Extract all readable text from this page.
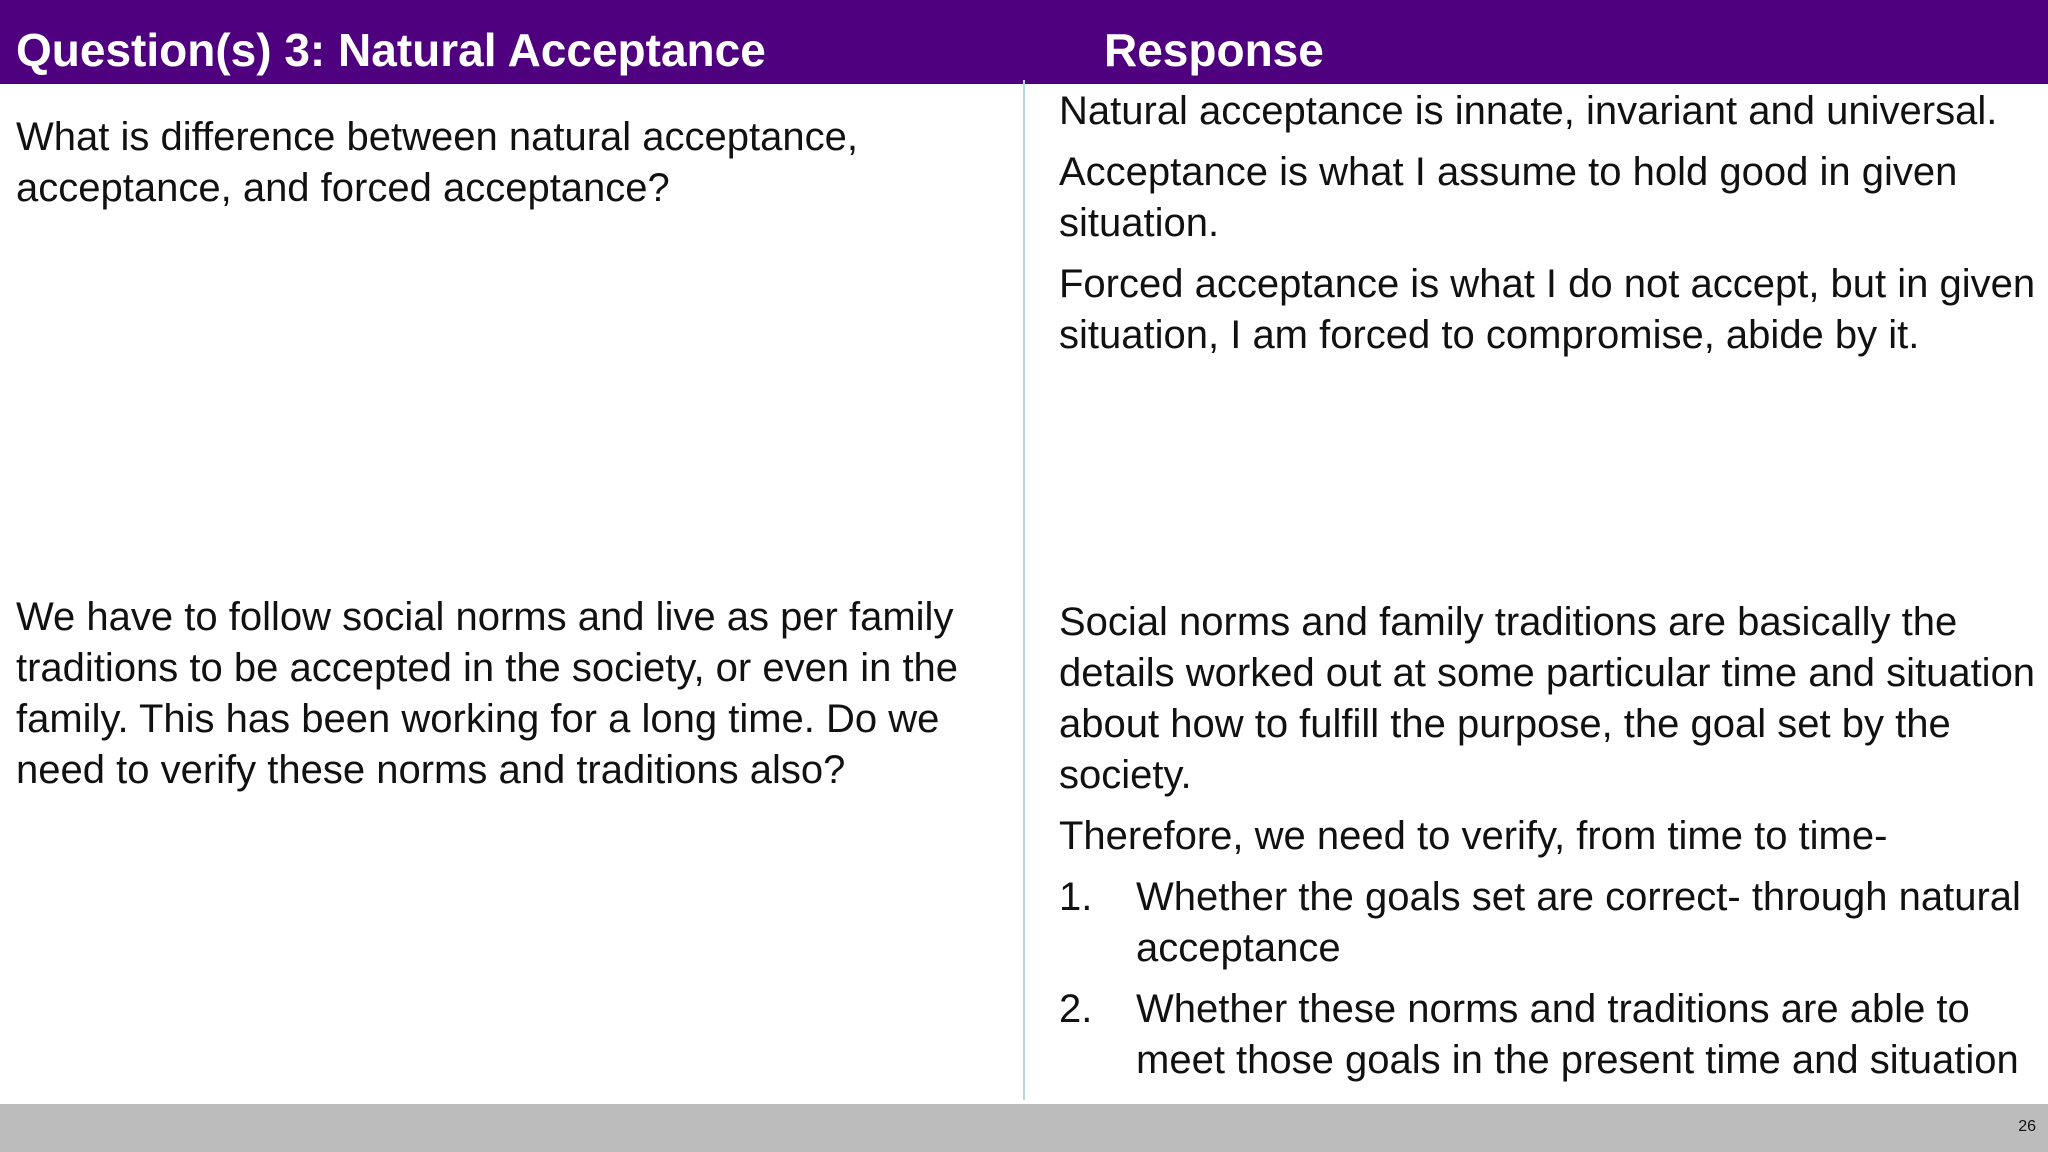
Question(s) 3: Natural Acceptance	Response

What is difference between natural acceptance, acceptance, and forced acceptance?

We have to follow social norms and live as per family traditions to be accepted in the society, or even in the family. This has been working for a long time. Do we need to verify these norms and traditions also?

Natural acceptance is innate, invariant and universal.

Acceptance is what I assume to hold good in given situation.

Forced acceptance is what I do not accept, but in given situation, I am forced to compromise, abide by it.

Social norms and family traditions are basically the details worked out at some particular time and situation about how to fulfill the purpose, the goal set by the society.

Therefore, we need to verify, from time to time-

1. Whether the goals set are correct- through natural acceptance
2. Whether these norms and traditions are able to meet those goals in the present time and situation
26
